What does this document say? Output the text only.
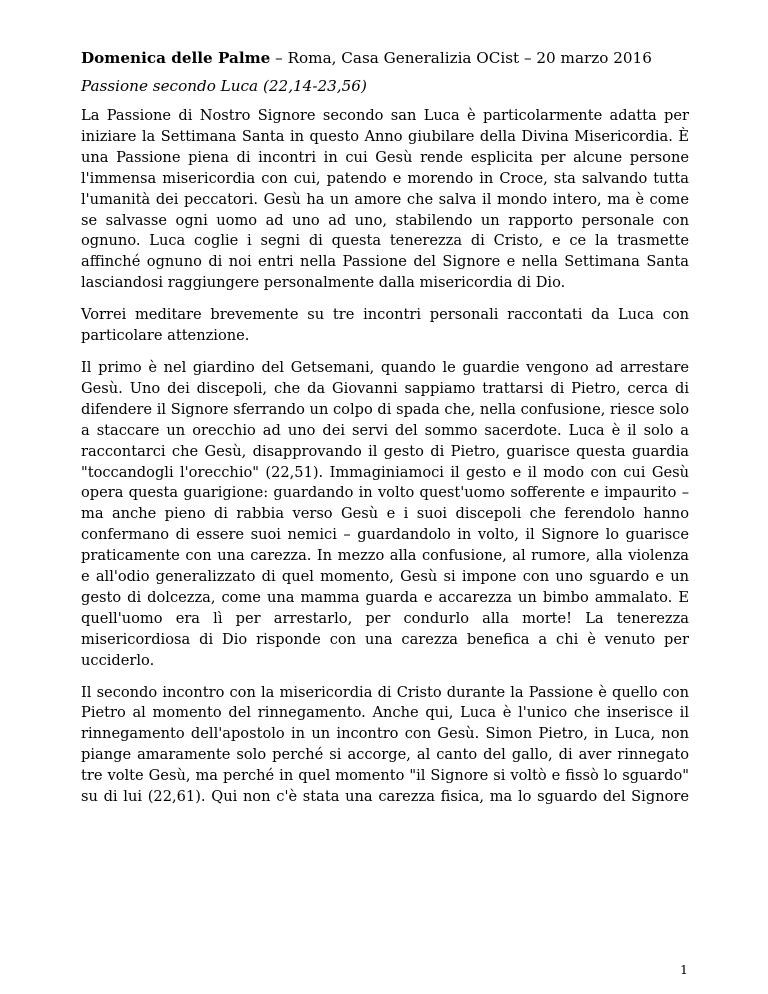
Domenica delle Palme – Roma, Casa Generalizia OCist – 20 marzo 2016

Passione secondo Luca (22,14-23,56)

La Passione di Nostro Signore secondo san Luca è particolarmente adatta per iniziare la Settimana Santa in questo Anno giubilare della Divina Misericordia. È una Passione piena di incontri in cui Gesù rende esplicita per alcune persone l'immensa misericordia con cui, patendo e morendo in Croce, sta salvando tutta l'umanità dei peccatori. Gesù ha un amore che salva il mondo intero, ma è come se salvasse ogni uomo ad uno ad uno, stabilendo un rapporto personale con ognuno. Luca coglie i segni di questa tenerezza di Cristo, e ce la trasmette affinché ognuno di noi entri nella Passione del Signore e nella Settimana Santa lasciandosi raggiungere personalmente dalla misericordia di Dio.

Vorrei meditare brevemente su tre incontri personali raccontati da Luca con particolare attenzione.

Il primo è nel giardino del Getsemani, quando le guardie vengono ad arrestare Gesù. Uno dei discepoli, che da Giovanni sappiamo trattarsi di Pietro, cerca di difendere il Signore sferrando un colpo di spada che, nella confusione, riesce solo a staccare un orecchio ad uno dei servi del sommo sacerdote. Luca è il solo a raccontarci che Gesù, disapprovando il gesto di Pietro, guarisce questa guardia "toccandogli l'orecchio" (22,51). Immaginiamoci il gesto e il modo con cui Gesù opera questa guarigione: guardando in volto quest'uomo sofferente e impaurito – ma anche pieno di rabbia verso Gesù e i suoi discepoli che ferendolo hanno confermano di essere suoi nemici – guardandolo in volto, il Signore lo guarisce praticamente con una carezza. In mezzo alla confusione, al rumore, alla violenza e all'odio generalizzato di quel momento, Gesù si impone con uno sguardo e un gesto di dolcezza, come una mamma guarda e accarezza un bimbo ammalato. E quell'uomo era lì per arrestarlo, per condurlo alla morte! La tenerezza misericordiosa di Dio risponde con una carezza benefica a chi è venuto per ucciderlo.

Il secondo incontro con la misericordia di Cristo durante la Passione è quello con Pietro al momento del rinnegamento. Anche qui, Luca è l'unico che inserisce il rinnegamento dell'apostolo in un incontro con Gesù. Simon Pietro, in Luca, non piange amaramente solo perché si accorge, al canto del gallo, di aver rinnegato tre volte Gesù, ma perché in quel momento "il Signore si voltò e fissò lo sguardo" su di lui (22,61). Qui non c'è stata una carezza fisica, ma lo sguardo del Signore

1
